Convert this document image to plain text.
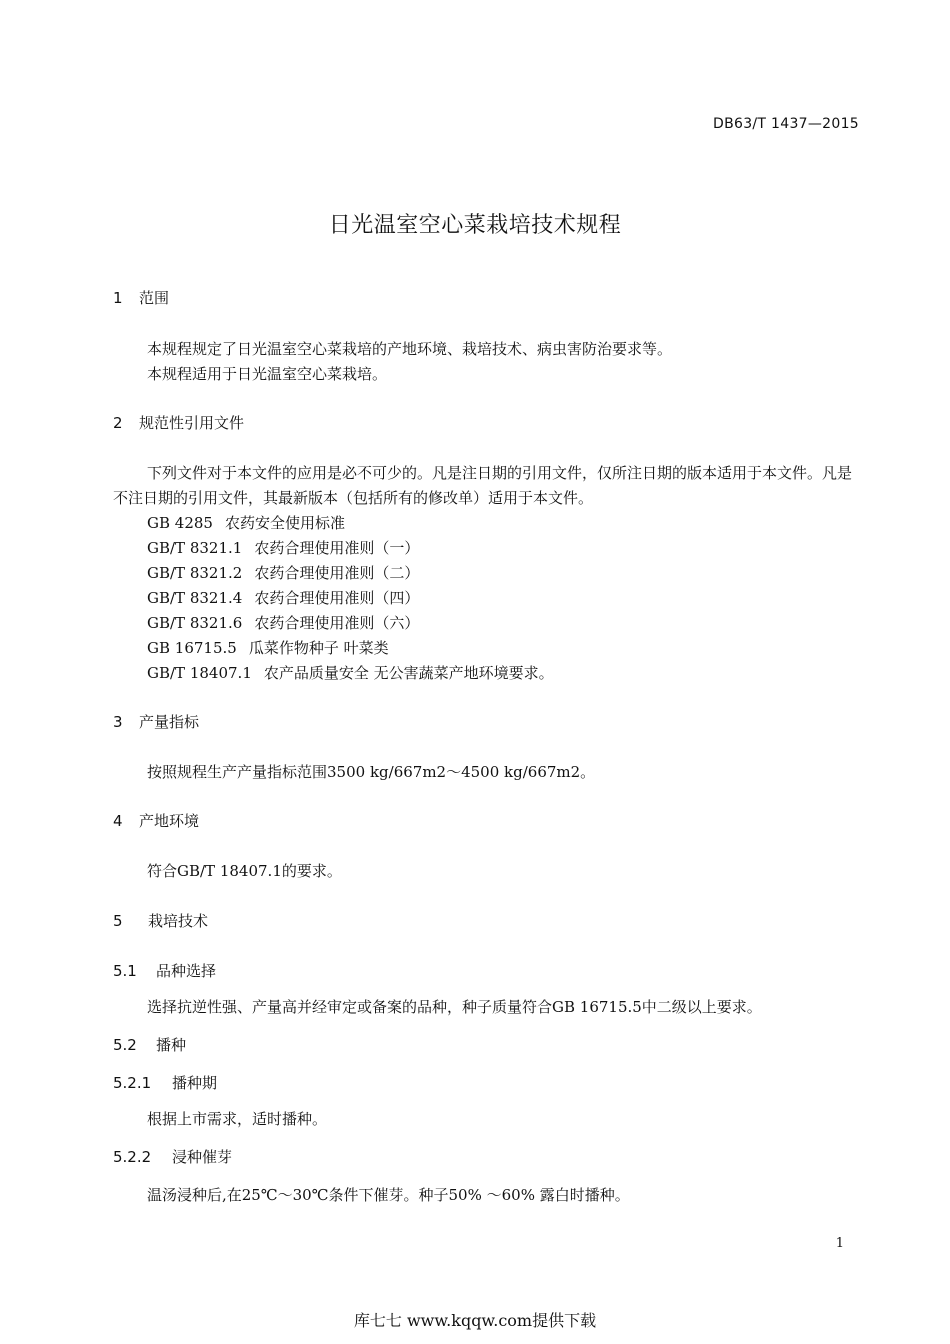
DB63/T 1437—2015
日光温室空心菜栽培技术规程
1 范围
本规程规定了日光温室空心菜栽培的产地环境、栽培技术、病虫害防治要求等。
本规程适用于日光温室空心菜栽培。
2 规范性引用文件
下列文件对于本文件的应用是必不可少的。凡是注日期的引用文件，仅所注日期的版本适用于本文件。凡是不注日期的引用文件，其最新版本（包括所有的修改单）适用于本文件。
GB 4285 农药安全使用标准
GB/T 8321.1 农药合理使用准则（一）
GB/T 8321.2 农药合理使用准则（二）
GB/T 8321.4 农药合理使用准则（四）
GB/T 8321.6 农药合理使用准则（六）
GB 16715.5 瓜菜作物种子 叶菜类
GB/T 18407.1 农产品质量安全 无公害蔬菜产地环境要求。
3 产量指标
按照规程生产产量指标范围3500 kg/667m2～4500 kg/667m2。
4 产地环境
符合GB/T 18407.1的要求。
5 栽培技术
5.1 品种选择
选择抗逆性强、产量高并经审定或备案的品种，种子质量符合GB 16715.5中二级以上要求。
5.2 播种
5.2.1 播种期
根据上市需求，适时播种。
5.2.2 浸种催芽
温汤浸种后,在25℃～30℃条件下催芽。种子50% ～60% 露白时播种。
1
库七七 www.kqqw.com提供下载
